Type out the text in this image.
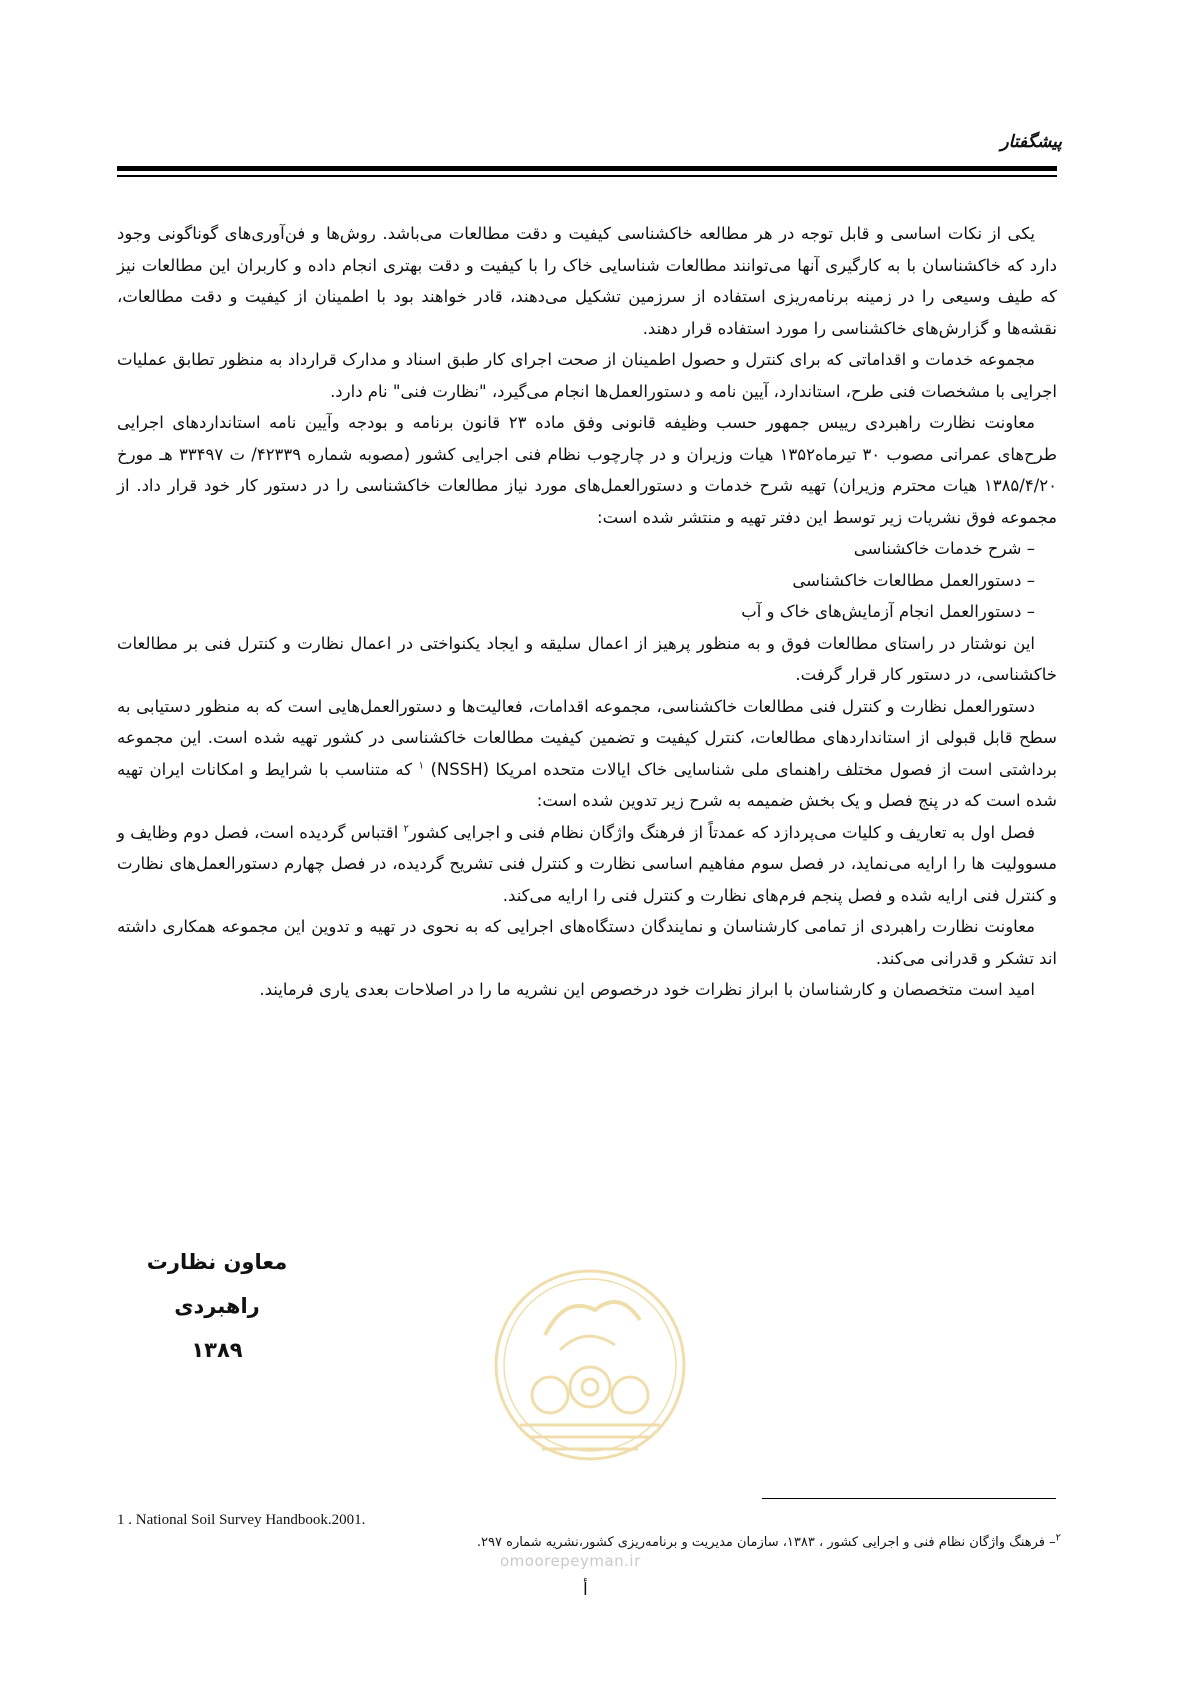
پیشگفتار

یکی از نکات اساسی و قابل توجه در هر مطالعه خاکشناسی کیفیت و دقت مطالعات می‌باشد. روش‌ها و فن‌آوری‌های گوناگونی وجود دارد که خاکشناسان با به کارگیری آنها می‌توانند مطالعات شناسایی خاک را با کیفیت و دقت بهتری انجام داده و کاربران این مطالعات نیز که طیف وسیعی را در زمینه برنامه‌ریزی استفاده از سرزمین تشکیل می‌دهند، قادر خواهند بود با اطمینان از کیفیت و دقت مطالعات، نقشه‌ها و گزارش‌های خاکشناسی را مورد استفاده قرار دهند.

مجموعه خدمات و اقداماتی که برای کنترل و حصول اطمینان از صحت اجرای کار طبق اسناد و مدارک قرارداد به منظور تطابق عملیات اجرایی با مشخصات فنی طرح، استاندارد، آیین نامه و دستورالعمل‌ها انجام می‌گیرد، "نظارت فنی" نام دارد.

معاونت نظارت راهبردی رییس جمهور حسب وظیفه قانونی وفق ماده ۲۳ قانون برنامه و بودجه وآیین نامه استانداردهای اجرایی طرح‌های عمرانی مصوب ۳۰ تیرماه۱۳۵۲ هیات وزیران و در چارچوب نظام فنی اجرایی کشور (مصوبه شماره ۴۲۳۳۹/ ت ۳۳۴۹۷ هـ مورخ ۱۳۸۵/۴/۲۰ هیات محترم وزیران) تهیه شرح خدمات و دستورالعمل‌های مورد نیاز مطالعات خاکشناسی را در دستور کار خود قرار داد. از مجموعه فوق نشریات زیر توسط این دفتر تهیه و منتشر شده است:

– شرح خدمات خاکشناسی

– دستورالعمل مطالعات خاکشناسی

– دستورالعمل انجام آزمایش‌های خاک و آب

این نوشتار در راستای مطالعات فوق و به منظور پرهیز از اعمال سلیقه و ایجاد یکنواختی در اعمال نظارت و کنترل فنی بر مطالعات خاکشناسی، در دستور کار قرار گرفت.

دستورالعمل نظارت و کنترل فنی مطالعات خاکشناسی، مجموعه اقدامات، فعالیت‌ها و دستورالعمل‌هایی است که به منظور دستیابی به سطح قابل قبولی از استانداردهای مطالعات، کنترل کیفیت و تضمین کیفیت مطالعات خاکشناسی در کشور تهیه شده است. این مجموعه برداشتی است از فصول مختلف راهنمای ملی شناسایی خاک ایالات متحده امریکا (NSSH) $^۱$ که متناسب با شرایط و امکانات ایران تهیه شده است که در پنج فصل و یک بخش ضمیمه به شرح زیر تدوین شده است:

فصل اول به تعاریف و کلیات می‌پردازد که عمدتاً از فرهنگ واژگان نظام فنی و اجرایی کشور$^۲$ اقتباس گردیده است، فصل دوم وظایف و مسوولیت ها را ارایه می‌نماید، در فصل سوم مفاهیم اساسی نظارت و کنترل فنی تشریح گردیده، در فصل چهارم دستورالعمل‌های نظارت و کنترل فنی ارایه شده و فصل پنجم فرم‌های نظارت و کنترل فنی را ارایه می‌کند.

معاونت نظارت راهبردی از تمامی کارشناسان و نمایندگان دستگاه‌های اجرایی که به نحوی در تهیه و تدوین این مجموعه همکاری داشته اند تشکر و قدرانی می‌کند.

امید است متخصصان و کارشناسان با ابراز نظرات خود درخصوص این نشریه ما را در اصلاحات بعدی یاری فرمایند.

معاون نظارت راهبردی
۱۳۸۹
1 . National Soil Survey Handbook.2001.
$^۲$– فرهنگ واژگان نظام فنی و اجرایی کشور ، ۱۳۸۳، سازمان مدیریت و برنامه‌ریزی کشور،نشریه شماره ۲۹۷.
omoorepeyman.ir
أ
